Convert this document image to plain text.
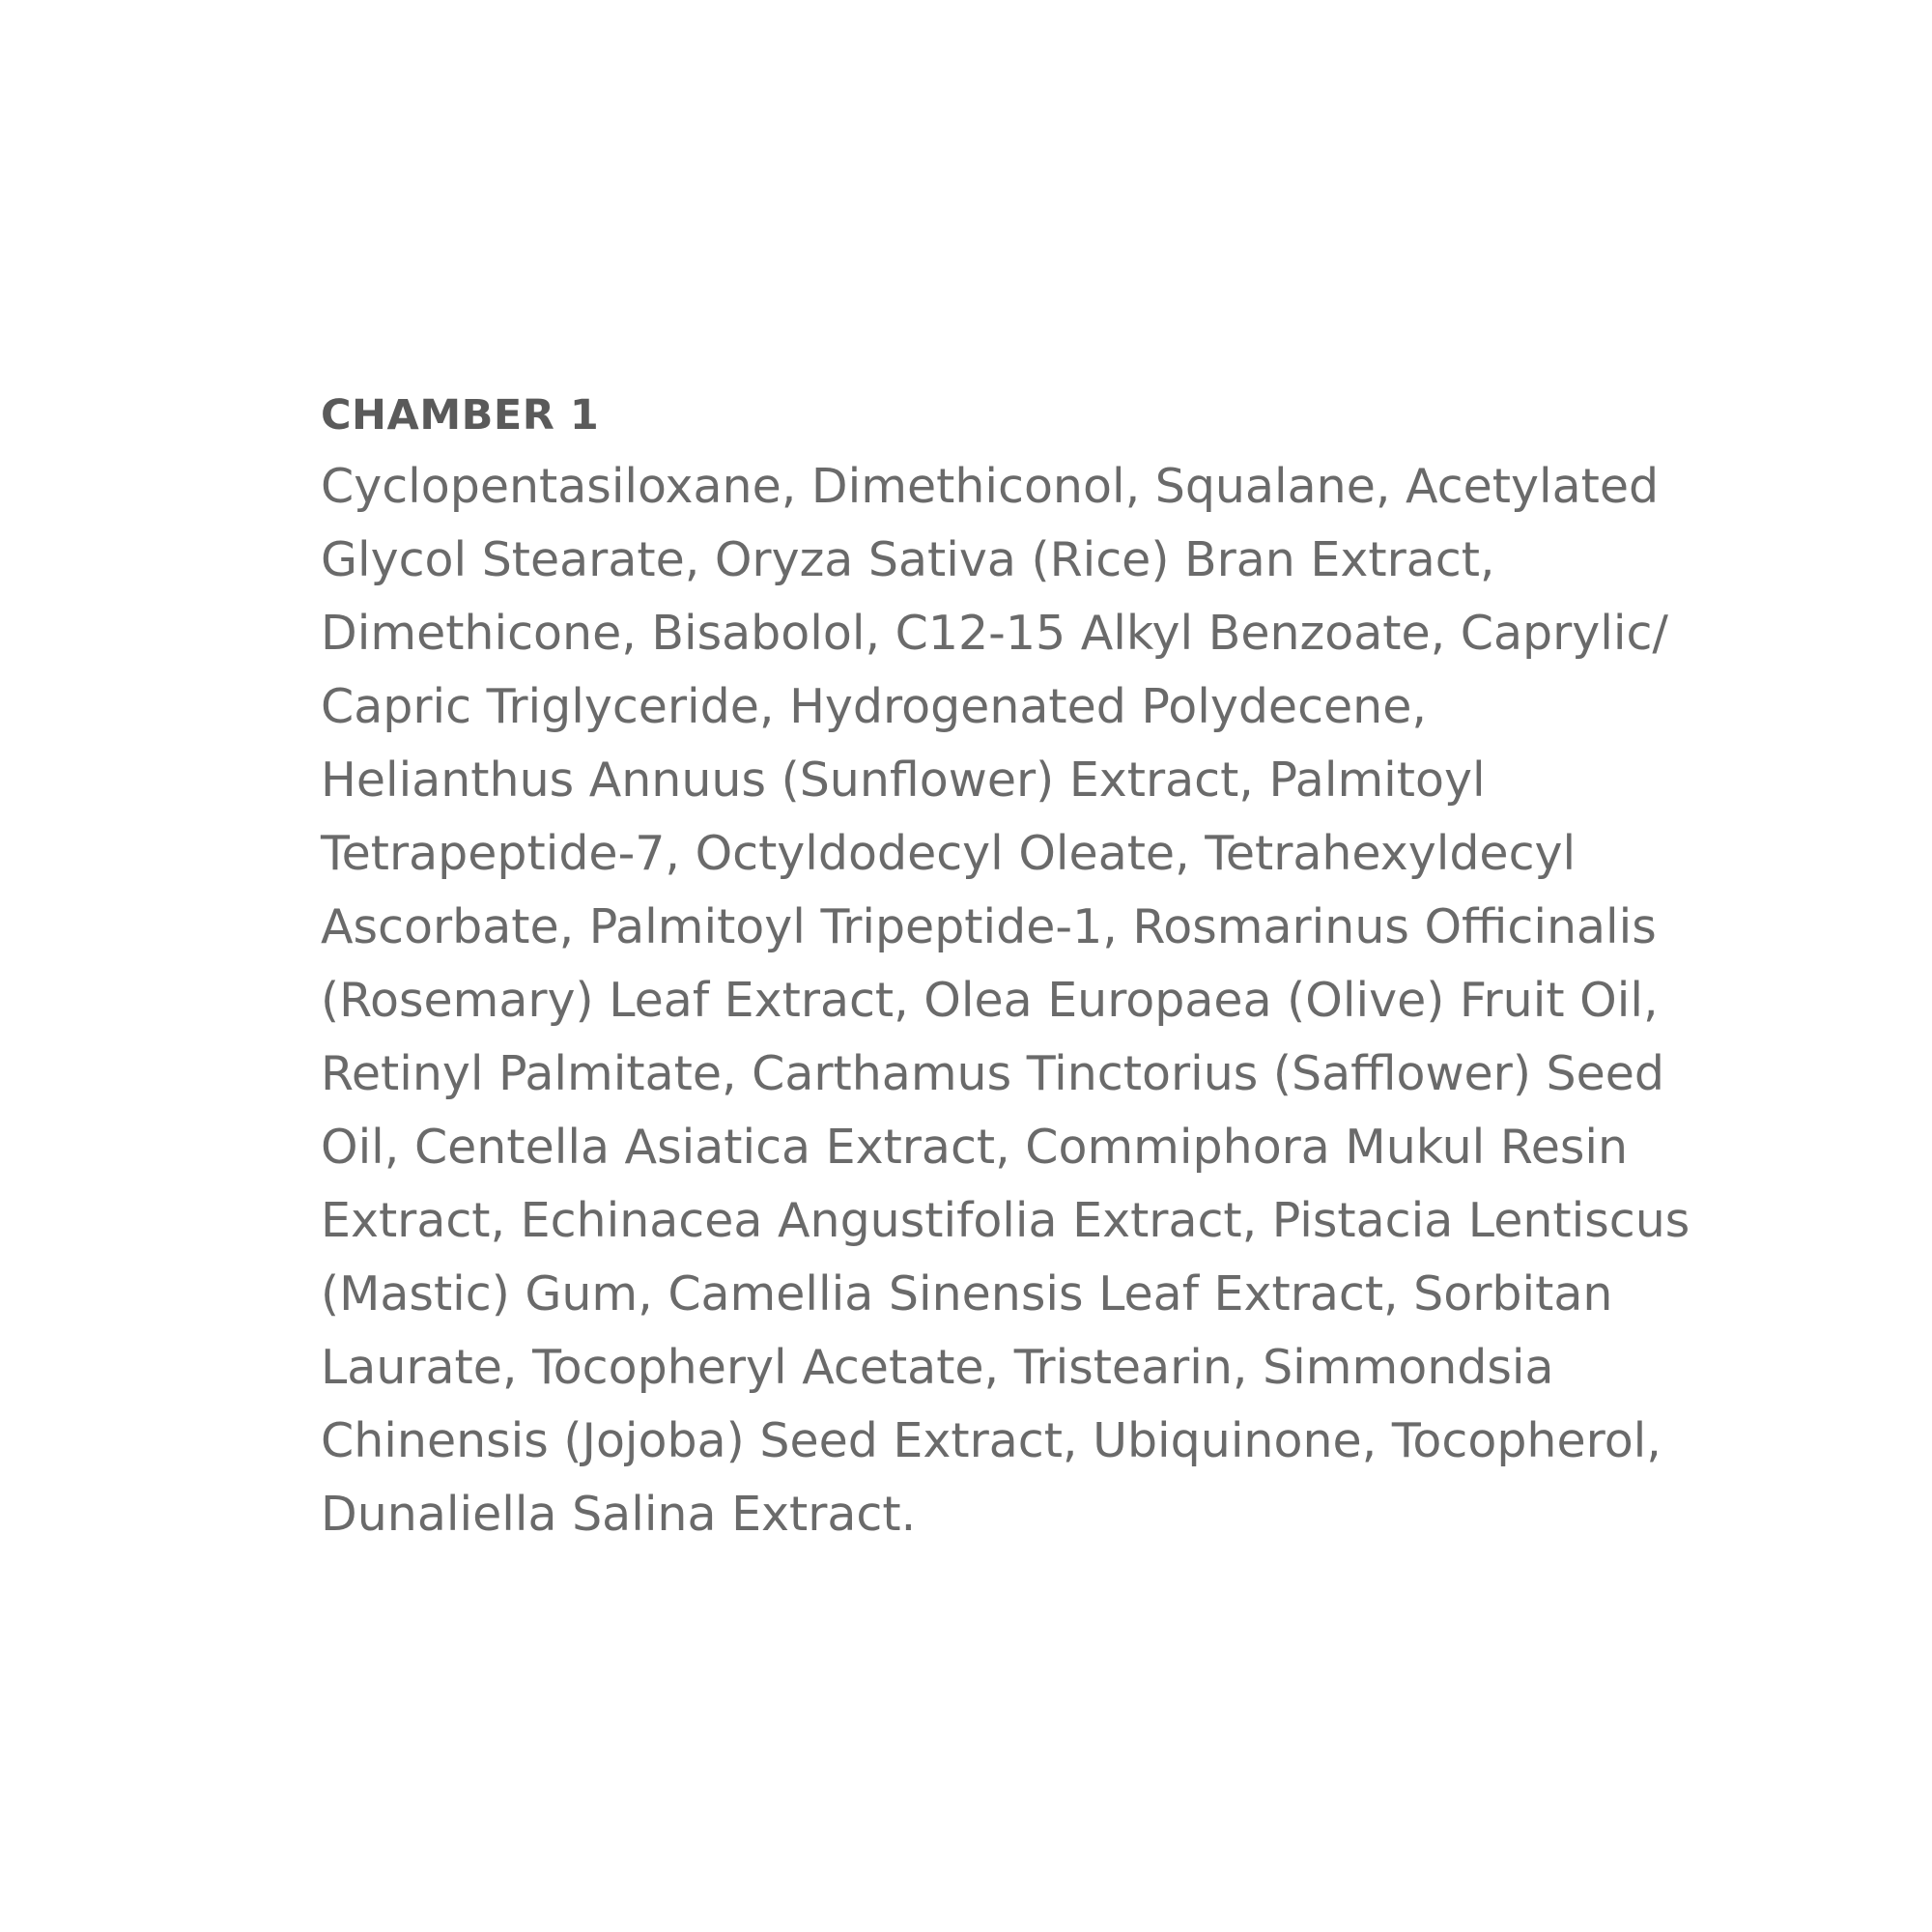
CHAMBER 1

Cyclopentasiloxane, Dimethiconol, Squalane, Acetylated
Glycol Stearate, Oryza Sativa (Rice) Bran Extract,
Dimethicone, Bisabolol, C12-15 Alkyl Benzoate, Caprylic/
Capric Triglyceride, Hydrogenated Polydecene,
Helianthus Annuus (Sunflower) Extract, Palmitoyl
Tetrapeptide-7, Octyldodecyl Oleate, Tetrahexyldecyl
Ascorbate, Palmitoyl Tripeptide-1, Rosmarinus Officinalis
(Rosemary) Leaf Extract, Olea Europaea (Olive) Fruit Oil,
Retinyl Palmitate, Carthamus Tinctorius (Safflower) Seed
Oil, Centella Asiatica Extract, Commiphora Mukul Resin
Extract, Echinacea Angustifolia Extract, Pistacia Lentiscus
(Mastic) Gum, Camellia Sinensis Leaf Extract, Sorbitan
Laurate, Tocopheryl Acetate, Tristearin, Simmondsia
Chinensis (Jojoba) Seed Extract, Ubiquinone, Tocopherol,
Dunaliella Salina Extract.
